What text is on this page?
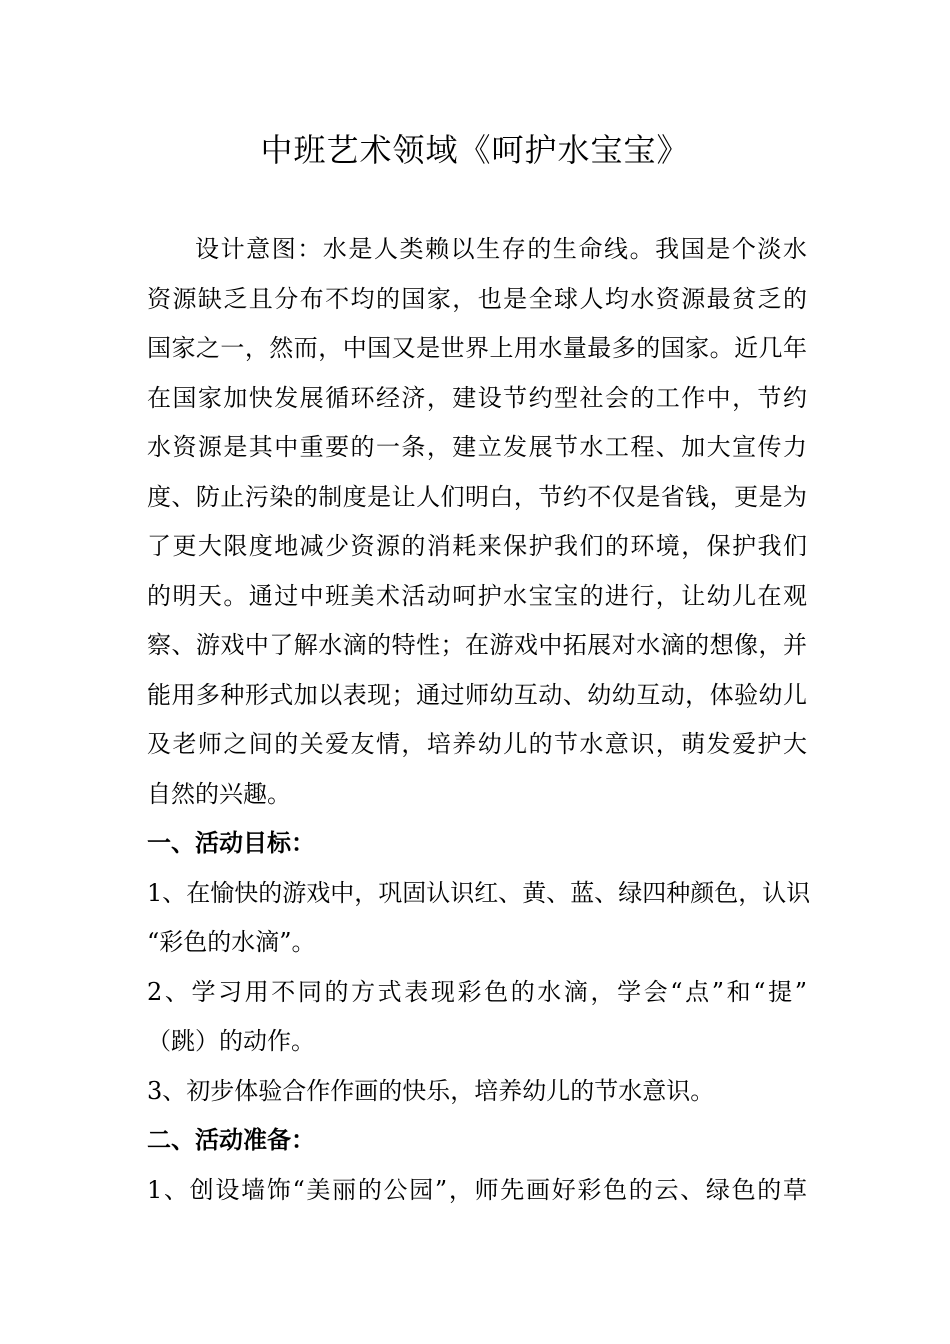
中班艺术领域《呵护水宝宝》
设计意图：水是人类赖以生存的生命线。我国是个淡水
资源缺乏且分布不均的国家，也是全球人均水资源最贫乏的
国家之一，然而，中国又是世界上用水量最多的国家。近几年
在国家加快发展循环经济，建设节约型社会的工作中，节约
水资源是其中重要的一条，建立发展节水工程、加大宣传力
度、防止污染的制度是让人们明白，节约不仅是省钱，更是为
了更大限度地减少资源的消耗来保护我们的环境，保护我们
的明天。通过中班美术活动呵护水宝宝的进行，让幼儿在观
察、游戏中了解水滴的特性；在游戏中拓展对水滴的想像，并
能用多种形式加以表现；通过师幼互动、幼幼互动，体验幼儿
及老师之间的关爱友情，培养幼儿的节水意识，萌发爱护大
自然的兴趣。
一、活动目标：
1、在愉快的游戏中，巩固认识红、黄、蓝、绿四种颜色，认识
“彩色的水滴”。
2、学习用不同的方式表现彩色的水滴，学会“点”和“提”
（跳）的动作。
3、初步体验合作作画的快乐，培养幼儿的节水意识。
二、活动准备：
1、创设墙饰“美丽的公园”，师先画好彩色的云、绿色的草
